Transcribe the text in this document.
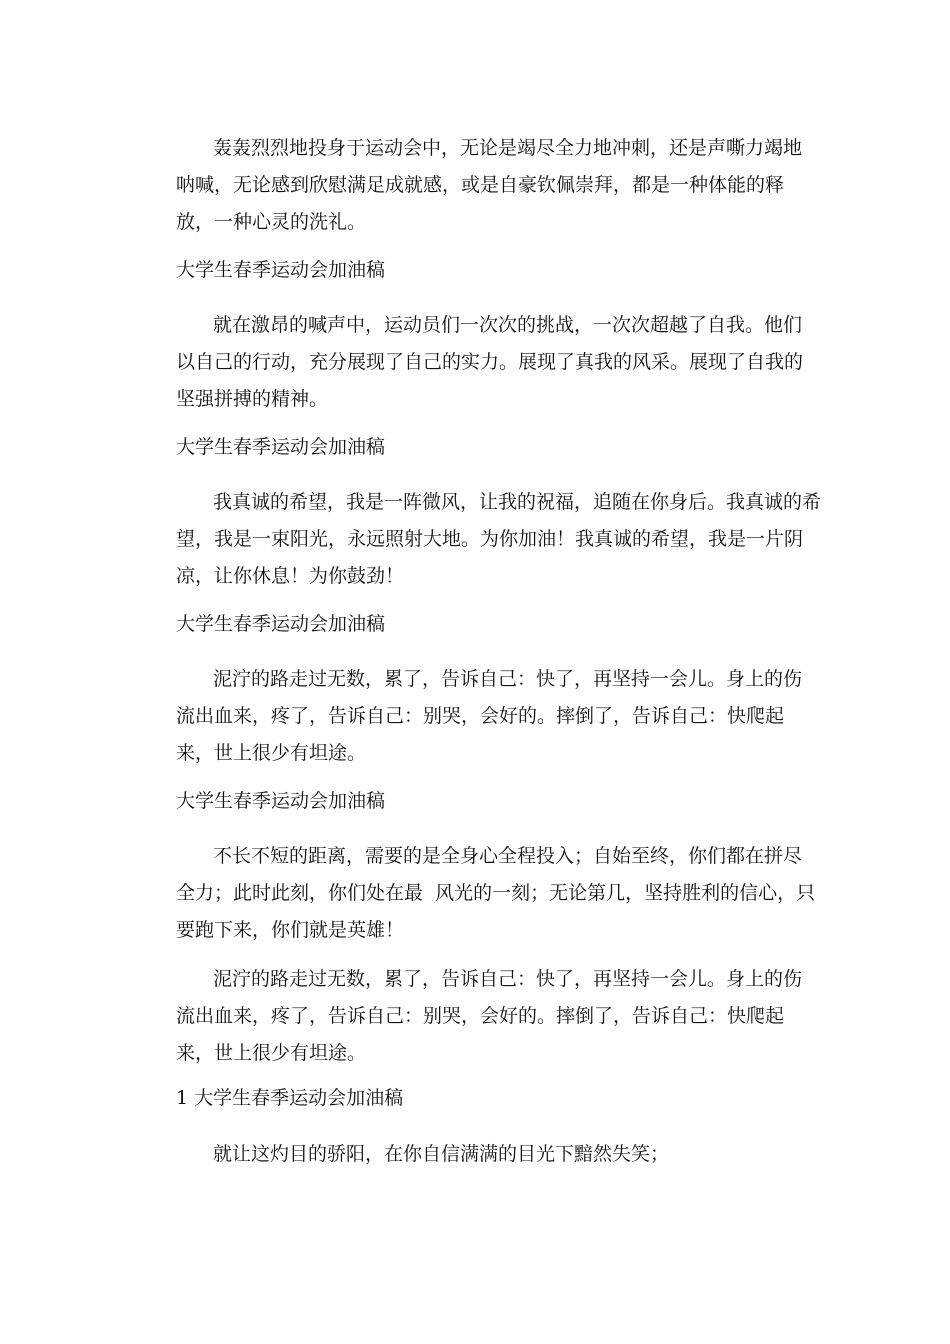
轰轰烈烈地投身于运动会中，无论是竭尽全力地冲刺，还是声嘶力竭地呐喊，无论感到欣慰满足成就感，或是自豪钦佩崇拜，都是一种体能的释放，一种心灵的洗礼。

大学生春季运动会加油稿

就在激昂的喊声中，运动员们一次次的挑战，一次次超越了自我。他们以自己的行动，充分展现了自己的实力。展现了真我的风采。展现了自我的坚强拼搏的精神。

大学生春季运动会加油稿

我真诚的希望，我是一阵微风，让我的祝福，追随在你身后。我真诚的希望，我是一束阳光，永远照射大地。为你加油！我真诚的希望，我是一片阴凉，让你休息！为你鼓劲！

大学生春季运动会加油稿

泥泞的路走过无数，累了，告诉自己：快了，再坚持一会儿。身上的伤流出血来，疼了，告诉自己：别哭，会好的。摔倒了，告诉自己：快爬起来，世上很少有坦途。

大学生春季运动会加油稿

不长不短的距离，需要的是全身心全程投入；自始至终，你们都在拼尽全力；此时此刻，你们处在最  风光的一刻；无论第几，坚持胜利的信心，只要跑下来，你们就是英雄！

泥泞的路走过无数，累了，告诉自己：快了，再坚持一会儿。身上的伤流出血来，疼了，告诉自己：别哭，会好的。摔倒了，告诉自己：快爬起来，世上很少有坦途。

1 大学生春季运动会加油稿

就让这灼目的骄阳，在你自信满满的目光下黯然失笑；
